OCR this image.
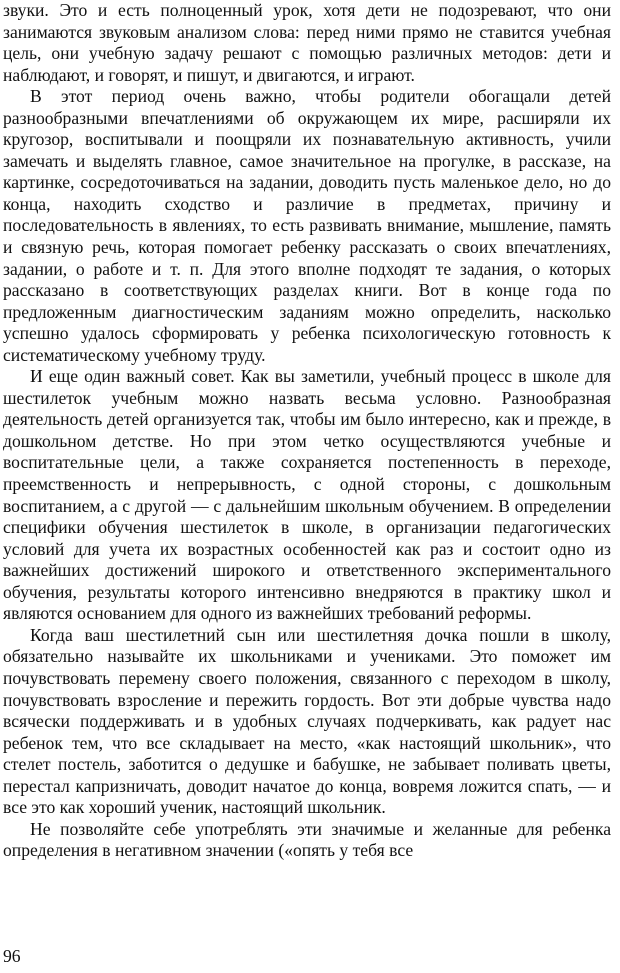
звуки. Это и есть полноценный урок, хотя дети не подозревают, что они занимаются звуковым анализом слова: перед ними прямо не ставится учебная цель, они учебную задачу решают с помощью различных методов: дети и наблюдают, и говорят, и пишут, и двигаются, и играют.

В этот период очень важно, чтобы родители обогащали детей разнообразными впечатлениями об окружающем их мире, расширяли их кругозор, воспитывали и поощряли их познавательную активность, учили замечать и выделять главное, самое значительное на прогулке, в рассказе, на картинке, сосредоточиваться на задании, доводить пусть маленькое дело, но до конца, находить сходство и различие в предметах, причину и последовательность в явлениях, то есть развивать внимание, мышление, память и связную речь, которая помогает ребенку рассказать о своих впечатлениях, задании, о работе и т. п. Для этого вполне подходят те задания, о которых рассказано в соответствующих разделах книги. Вот в конце года по предложенным диагностическим заданиям можно определить, насколько успешно удалось сформировать у ребенка психологическую готовность к систематическому учебному труду.

И еще один важный совет. Как вы заметили, учебный процесс в школе для шестилеток учебным можно назвать весьма условно. Разнообразная деятельность детей организуется так, чтобы им было интересно, как и прежде, в дошкольном детстве. Но при этом четко осуществляются учебные и воспитательные цели, а также сохраняется постепенность в переходе, преемственность и непрерывность, с одной стороны, с дошкольным воспитанием, а с другой — с дальнейшим школьным обучением. В определении специфики обучения шестилеток в школе, в организации педагогических условий для учета их возрастных особенностей как раз и состоит одно из важнейших достижений широкого и ответственного экспериментального обучения, результаты которого интенсивно внедряются в практику школ и являются основанием для одного из важнейших требований реформы.

Когда ваш шестилетний сын или шестилетняя дочка пошли в школу, обязательно называйте их школьниками и учениками. Это поможет им почувствовать перемену своего положения, связанного с переходом в школу, почувствовать взрослениe и пережить гордость. Вот эти добрые чувства надо всячески поддерживать и в удобных случаях подчеркивать, как радует нас ребенок тем, что все складывает на место, «как настоящий школьник», что стелет постель, заботится о дедушке и бабушке, не забывает поливать цветы, перестал капризничать, доводит начатое до конца, вовремя ложится спать, — и все это как хороший ученик, настоящий школьник.

Не позволяйте себе употреблять эти значимые и желанные для ребенка определения в негативном значении («опять у тебя все

96
